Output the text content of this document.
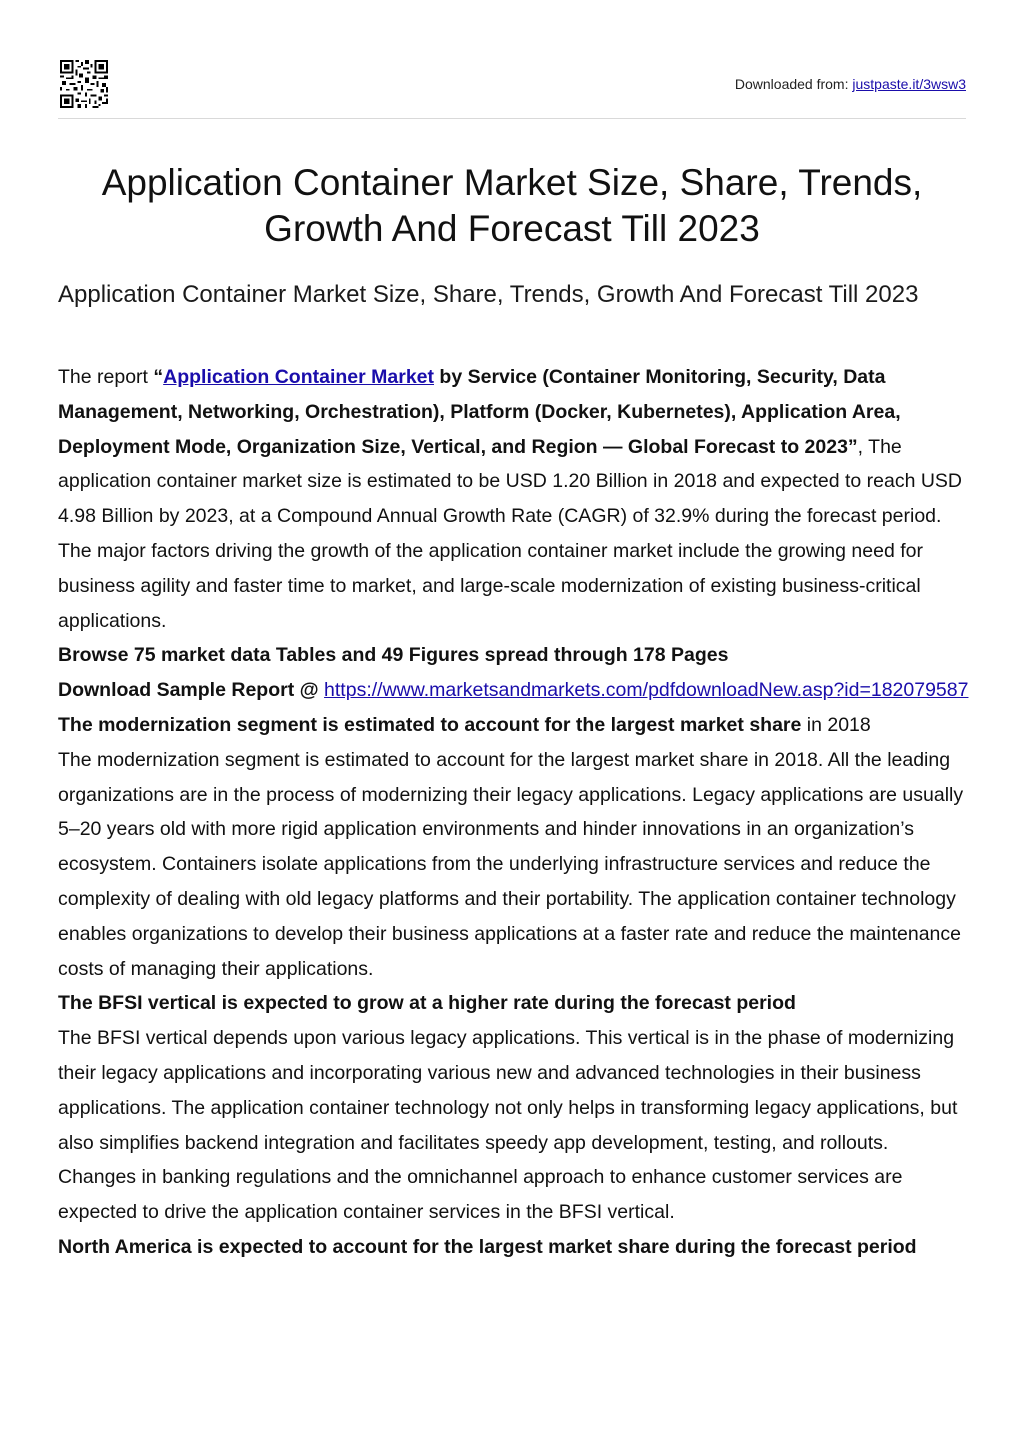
Downloaded from: justpaste.it/3wsw3
Application Container Market Size, Share, Trends, Growth And Forecast Till 2023
Application Container Market Size, Share, Trends, Growth And Forecast Till 2023

The report “Application Container Market by Service (Container Monitoring, Security, Data Management, Networking, Orchestration), Platform (Docker, Kubernetes), Application Area, Deployment Mode, Organization Size, Vertical, and Region — Global Forecast to 2023”, The application container market size is estimated to be USD 1.20 Billion in 2018 and expected to reach USD 4.98 Billion by 2023, at a Compound Annual Growth Rate (CAGR) of 32.9% during the forecast period. The major factors driving the growth of the application container market include the growing need for business agility and faster time to market, and large-scale modernization of existing business-critical applications.

Browse 75 market data Tables and 49 Figures spread through 178 Pages

Download Sample Report @ https://www.marketsandmarkets.com/pdfdownloadNew.asp?id=182079587

The modernization segment is estimated to account for the largest market share in 2018

The modernization segment is estimated to account for the largest market share in 2018. All the leading organizations are in the process of modernizing their legacy applications. Legacy applications are usually 5–20 years old with more rigid application environments and hinder innovations in an organization’s ecosystem. Containers isolate applications from the underlying infrastructure services and reduce the complexity of dealing with old legacy platforms and their portability. The application container technology enables organizations to develop their business applications at a faster rate and reduce the maintenance costs of managing their applications.

The BFSI vertical is expected to grow at a higher rate during the forecast period

The BFSI vertical depends upon various legacy applications. This vertical is in the phase of modernizing their legacy applications and incorporating various new and advanced technologies in their business applications. The application container technology not only helps in transforming legacy applications, but also simplifies backend integration and facilitates speedy app development, testing, and rollouts. Changes in banking regulations and the omnichannel approach to enhance customer services are expected to drive the application container services in the BFSI vertical.

North America is expected to account for the largest market share during the forecast period
